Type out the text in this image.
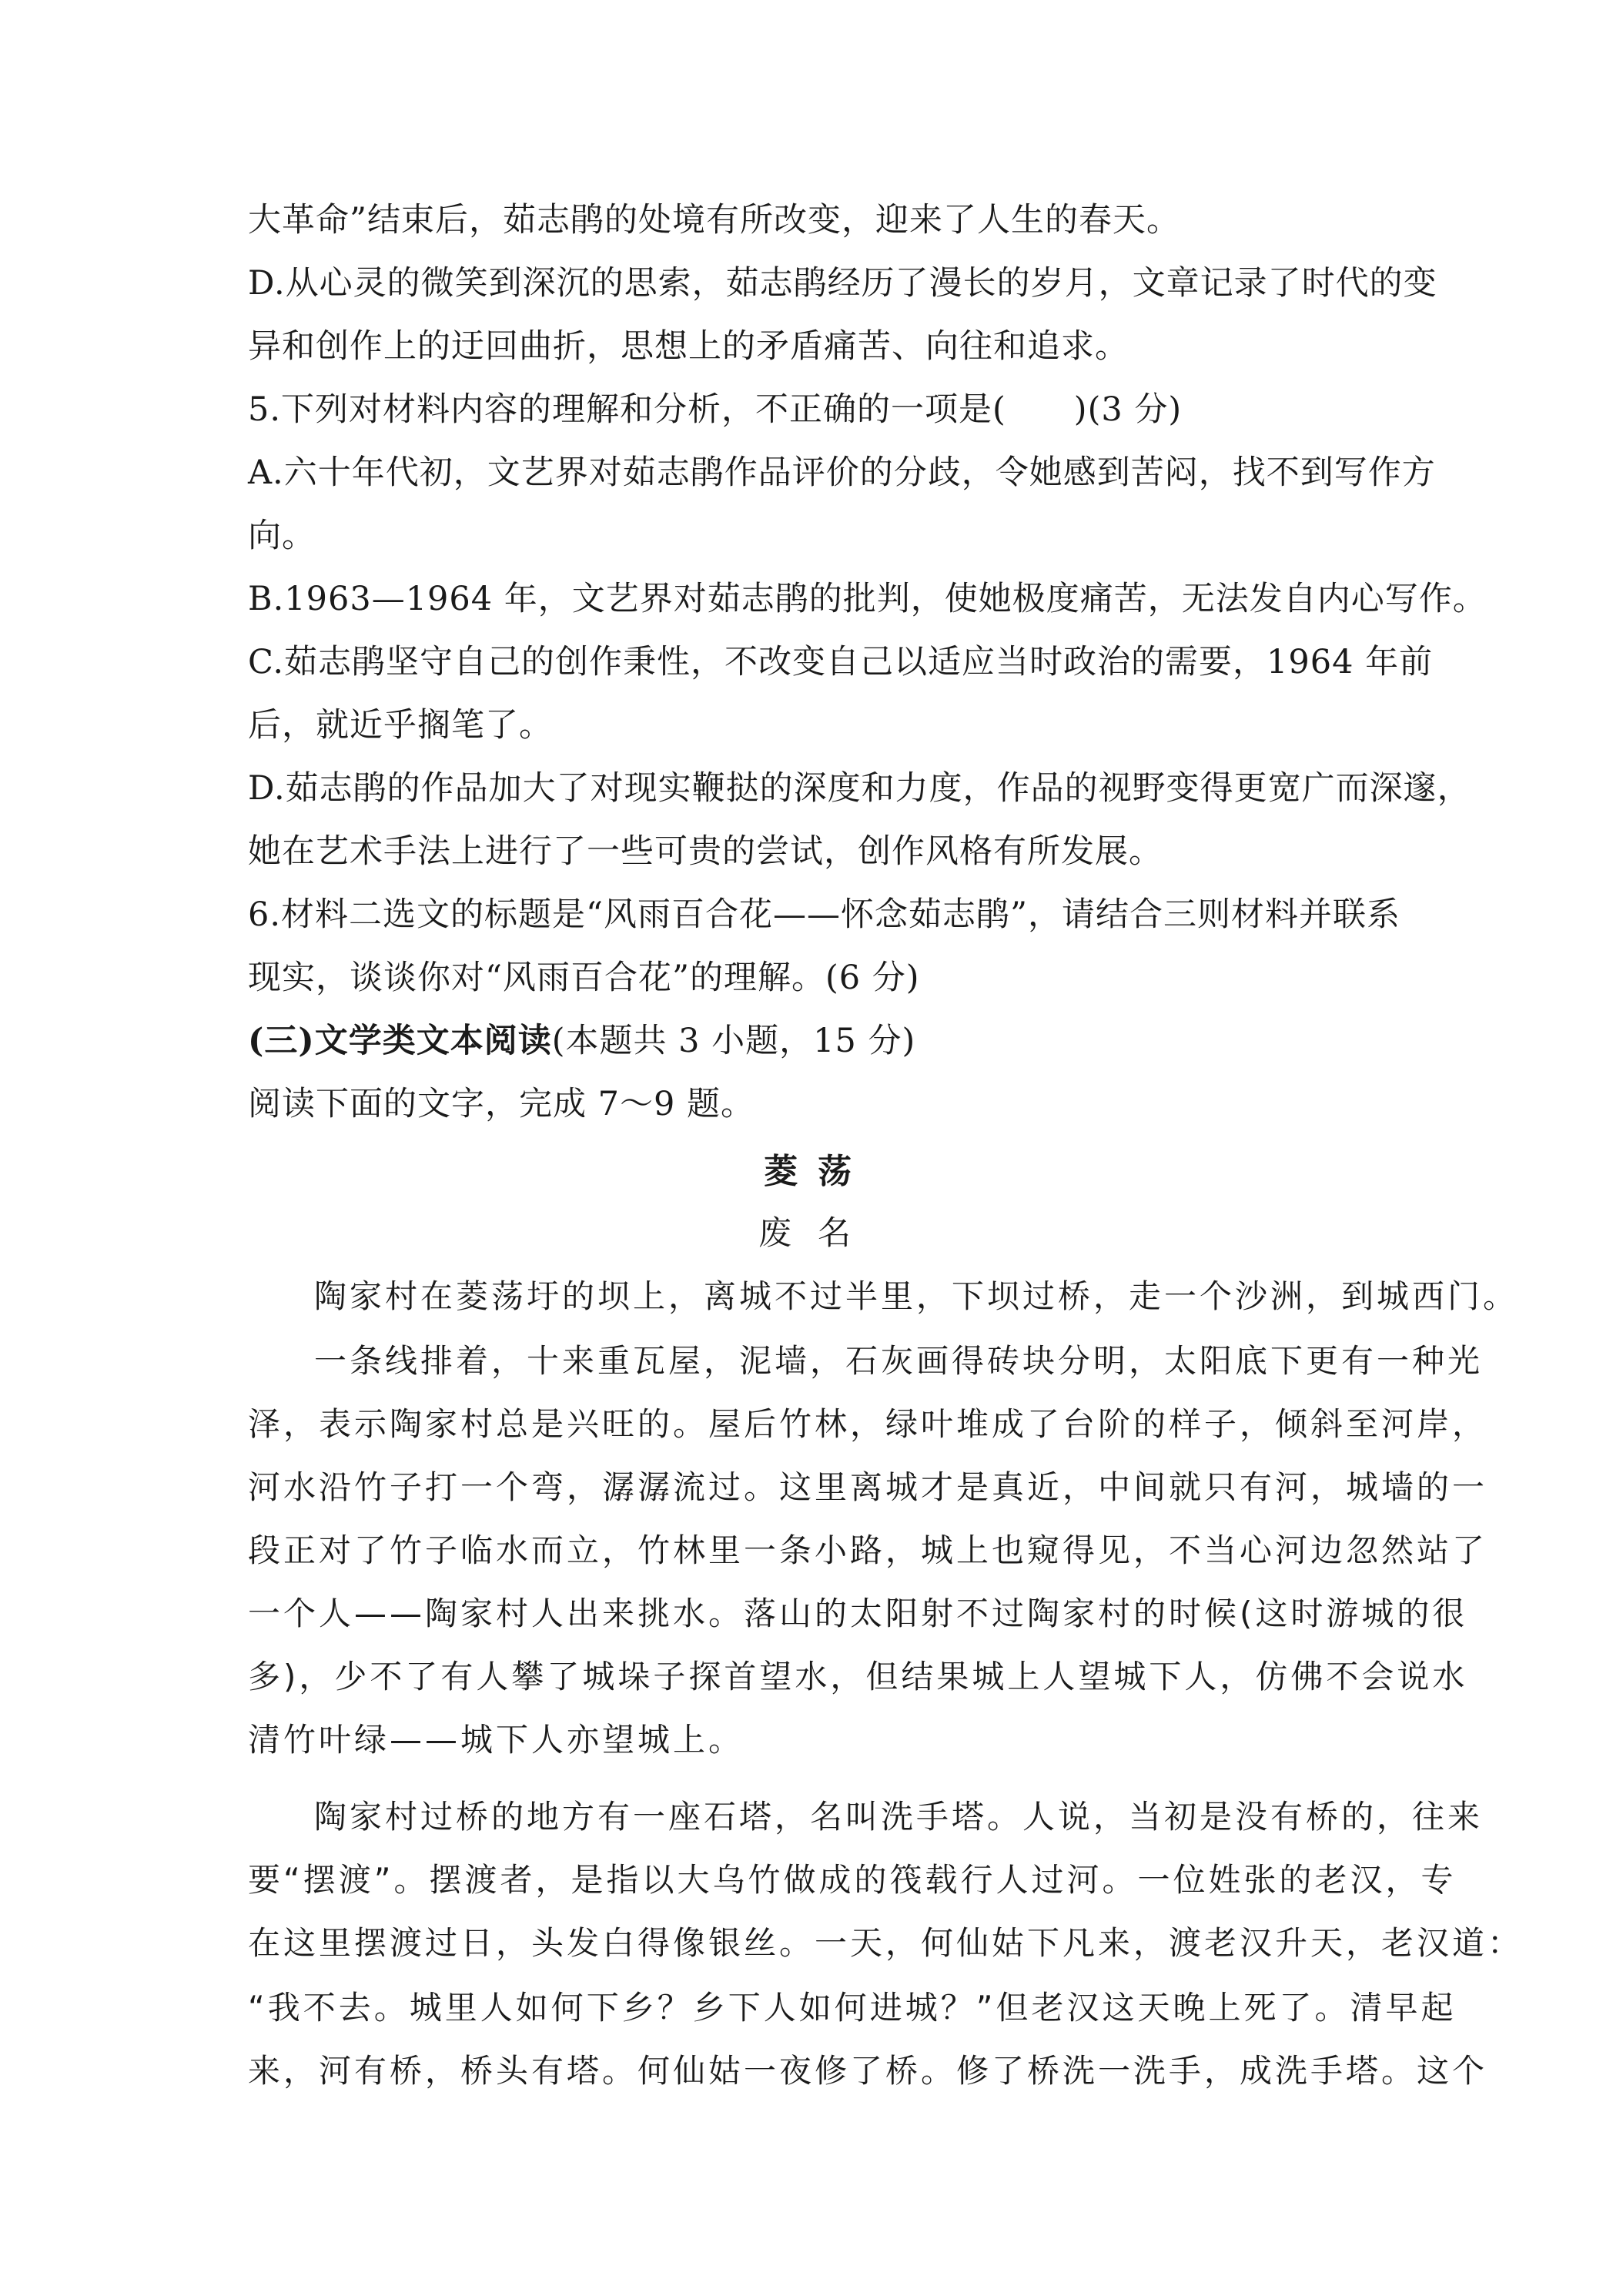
大革命”结束后，茹志鹃的处境有所改变，迎来了人生的春天。
D.从心灵的微笑到深沉的思索，茹志鹃经历了漫长的岁月，文章记录了时代的变
异和创作上的迂回曲折，思想上的矛盾痛苦、向往和追求。
5.下列对材料内容的理解和分析，不正确的一项是(　　)(3 分)
A.六十年代初，文艺界对茹志鹃作品评价的分歧，令她感到苦闷，找不到写作方
向。
B.1963—1964 年，文艺界对茹志鹃的批判，使她极度痛苦，无法发自内心写作。
C.茹志鹃坚守自己的创作秉性，不改变自己以适应当时政治的需要，1964 年前
后，就近乎搁笔了。
D.茹志鹃的作品加大了对现实鞭挞的深度和力度，作品的视野变得更宽广而深邃，
她在艺术手法上进行了一些可贵的尝试，创作风格有所发展。
6.材料二选文的标题是“风雨百合花——怀念茹志鹃”，请结合三则材料并联系
现实，谈谈你对“风雨百合花”的理解。(6 分)
(三)文学类文本阅读(本题共 3 小题，15 分)
阅读下面的文字，完成 7～9 题。
菱荡
废名
陶家村在菱荡圩的坝上，离城不过半里，下坝过桥，走一个沙洲，到城西门。
一条线排着，十来重瓦屋，泥墙，石灰画得砖块分明，太阳底下更有一种光
泽，表示陶家村总是兴旺的。屋后竹林，绿叶堆成了台阶的样子，倾斜至河岸，
河水沿竹子打一个弯，潺潺流过。这里离城才是真近，中间就只有河，城墙的一
段正对了竹子临水而立，竹林里一条小路，城上也窥得见，不当心河边忽然站了
一个人——陶家村人出来挑水。落山的太阳射不过陶家村的时候(这时游城的很
多)，少不了有人攀了城垛子探首望水，但结果城上人望城下人，仿佛不会说水
清竹叶绿——城下人亦望城上。
陶家村过桥的地方有一座石塔，名叫洗手塔。人说，当初是没有桥的，往来
要“摆渡”。摆渡者，是指以大乌竹做成的筏载行人过河。一位姓张的老汉，专
在这里摆渡过日，头发白得像银丝。一天，何仙姑下凡来，渡老汉升天，老汉道：
“我不去。城里人如何下乡？乡下人如何进城？”但老汉这天晚上死了。清早起
来，河有桥，桥头有塔。何仙姑一夜修了桥。修了桥洗一洗手，成洗手塔。这个
